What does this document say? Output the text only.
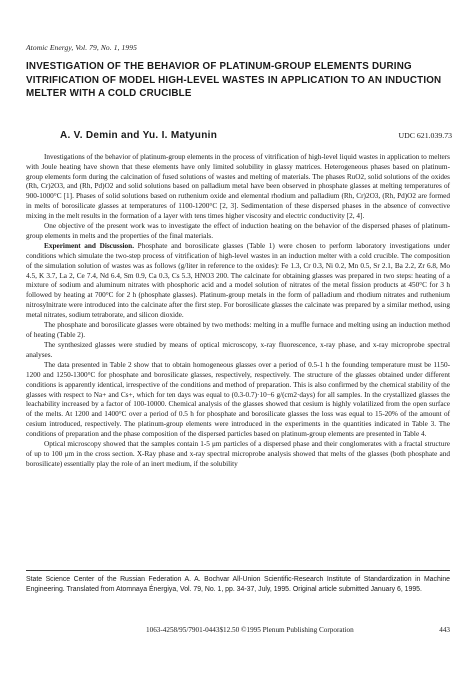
Atomic Energy, Vol. 79, No. 1, 1995
INVESTIGATION OF THE BEHAVIOR OF PLATINUM-GROUP ELEMENTS DURING VITRIFICATION OF MODEL HIGH-LEVEL WASTES IN APPLICATION TO AN INDUCTION MELTER WITH A COLD CRUCIBLE
A. V. Demin and Yu. I. Matyunin	UDC 621.039.73

Investigations of the behavior of platinum-group elements in the process of vitrification of high-level liquid wastes in application to melters with Joule heating have shown that these elements have only limited solubility in glassy matrices. Heterogeneous phases based on platinum-group elements form during the calcination of fused solutions of wastes and melting of materials. The phases RuO2, solid solutions of the oxides (Rh, Cr)2O3, and (Rh, Pd)O2 and solid solutions based on palladium metal have been observed in phosphate glasses at melting temperatures of 900-1000°C [1]. Phases of solid solutions based on ruthenium oxide and elemental rhodium and palladium (Rh, Cr)2O3, (Rh, Pd)O2 are formed in melts of borosilicate glasses at temperatures of 1100-1200°C [2, 3]. Sedimentation of these dispersed phases in the absence of convective mixing in the melt results in the formation of a layer with tens times higher viscosity and electric conductivity [2, 4].

One objective of the present work was to investigate the effect of induction heating on the behavior of the dispersed phases of platinum-group elements in melts and the properties of the final materials.

Experiment and Discussion. Phosphate and borosilicate glasses (Table 1) were chosen to perform laboratory investigations under conditions which simulate the two-step process of vitrification of high-level wastes in an induction melter with a cold crucible. The composition of the simulation solution of wastes was as follows (g/liter in reference to the oxides): Fe 1.3, Cr 0.3, Ni 0.2, Mn 0.5, Sr 2.1, Ba 2.2, Zr 6.8, Mo 4.5, K 3.7, La 2, Ce 7.4, Nd 6.4, Sm 0.9, Ca 0.3, Cs 5.3, HNO3 200. The calcinate for obtaining glasses was prepared in two steps: heating of a mixture of sodium and aluminum nitrates with phosphoric acid and a model solution of nitrates of the metal fission products at 450°C for 3 h followed by heating at 700°C for 2 h (phosphate glasses). Platinum-group metals in the form of palladium and rhodium nitrates and ruthenium nitrosylnitrate were introduced into the calcinate after the first step. For borosilicate glasses the calcinate was prepared by a similar method, using metal nitrates, sodium tetraborate, and silicon dioxide.

The phosphate and borosilicate glasses were obtained by two methods: melting in a muffle furnace and melting using an induction method of heating (Table 2).

The synthesized glasses were studied by means of optical microscopy, x-ray fluorescence, x-ray phase, and x-ray microprobe spectral analyses.

The data presented in Table 2 show that to obtain homogeneous glasses over a period of 0.5-1 h the founding temperature must be 1150-1200 and 1250-1300°C for phosphate and borosilicate glasses, respectively, respectively. The structure of the glasses obtained under different conditions is apparently identical, irrespective of the conditions and method of preparation. This is also confirmed by the chemical stability of the glasses with respect to Na+ and Cs+, which for ten days was equal to (0.3-0.7)·10−6 g/(cm2·days) for all samples. In the crystallized glasses the leachability increased by a factor of 100-10000. Chemical analysis of the glasses showed that cesium is highly volatilized from the open surface of the melts. At 1200 and 1400°C over a period of 0.5 h for phosphate and borosilicate glasses the loss was equal to 15-20% of the amount of cesium introduced, respectively. The platinum-group elements were introduced in the experiments in the quantities indicated in Table 3. The conditions of preparation and the phase composition of the dispersed particles based on platinum-group elements are presented in Table 4.

Optical microscopy showed that the samples contain 1-5 μm particles of a dispersed phase and their conglomerates with a fractal structure of up to 100 μm in the cross section. X-Ray phase and x-ray spectral microprobe analysis showed that melts of the glasses (both phosphate and borosilicate) essentially play the role of an inert medium, if the solubility

State Science Center of the Russian Federation A. A. Bochvar All-Union Scientific-Research Institute of Standardization in Machine Engineering. Translated from Atomnaya Énergiya, Vol. 79, No. 1, pp. 34-37, July, 1995. Original article submitted January 6, 1995.
1063-4258/95/7901-0443$12.50 ©1995 Plenum Publishing Corporation	443
